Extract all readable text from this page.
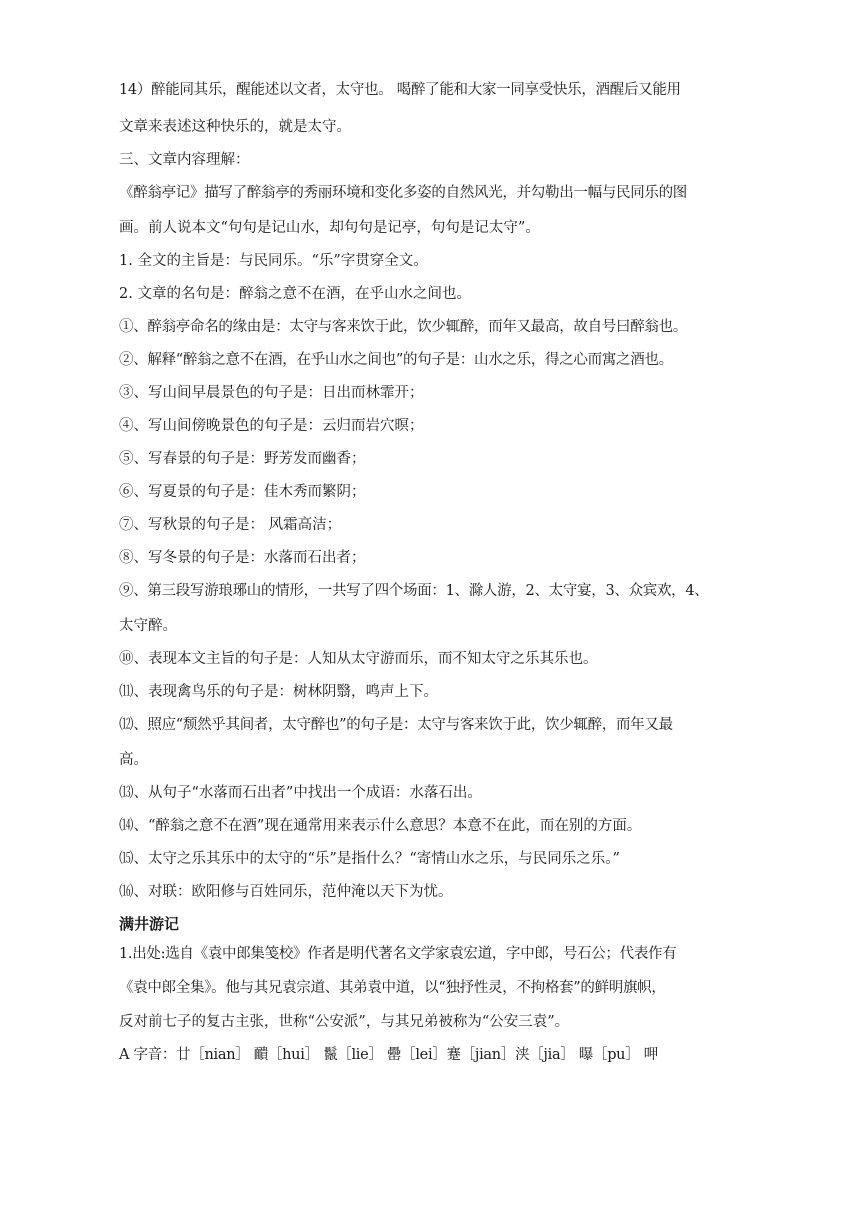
14）醉能同其乐，醒能述以文者，太守也。 喝醉了能和大家一同享受快乐，酒醒后又能用
文章来表述这种快乐的，就是太守。
三、文章内容理解：
《醉翁亭记》描写了醉翁亭的秀丽环境和变化多姿的自然风光，并勾勒出一幅与民同乐的图
画。前人说本文“句句是记山水，却句句是记亭，句句是记太守”。
1. 全文的主旨是：与民同乐。“乐”字贯穿全文。
2. 文章的名句是：醉翁之意不在酒，在乎山水之间也。
①、醉翁亭命名的缘由是：太守与客来饮于此，饮少辄醉，而年又最高，故自号曰醉翁也。
②、解释“醉翁之意不在酒，在乎山水之间也”的句子是：山水之乐，得之心而寓之酒也。
③、写山间早晨景色的句子是：日出而林霏开；
④、写山间傍晚景色的句子是：云归而岩穴暝；
⑤、写春景的句子是：野芳发而幽香；
⑥、写夏景的句子是：佳木秀而繁阴；
⑦、写秋景的句子是： 风霜高洁；
⑧、写冬景的句子是：水落而石出者；
⑨、第三段写游琅琊山的情形，一共写了四个场面：1、滁人游，2、太守宴，3、众宾欢，4、
太守醉。
⑩、表现本文主旨的句子是：人知从太守游而乐，而不知太守之乐其乐也。
⑾、表现禽鸟乐的句子是：树林阴翳，鸣声上下。
⑿、照应“颓然乎其间者，太守醉也”的句子是：太守与客来饮于此，饮少辄醉，而年又最
高。
⒀、从句子“水落而石出者”中找出一个成语：水落石出。
⒁、“醉翁之意不在酒”现在通常用来表示什么意思？本意不在此，而在别的方面。
⒂、太守之乐其乐中的太守的“乐”是指什么？“寄情山水之乐，与民同乐之乐。”
⒃、对联：欧阳修与百姓同乐，范仲淹以天下为忧。
满井游记
1.出处:选自《袁中郎集笺校》作者是明代著名文学家袁宏道，字中郎，号石公；代表作有
《袁中郎全集》。他与其兄袁宗道、其弟袁中道，以“独抒性灵，不拘格套”的鲜明旗帜，
反对前七子的复古主张，世称“公安派”，与其兄弟被称为“公安三袁”。
A 字音：廿［nian］ 靧［hui］ 鬣［lie］ 罍［lei］蹇［jian］浃［jia］ 曝［pu］ 呷
